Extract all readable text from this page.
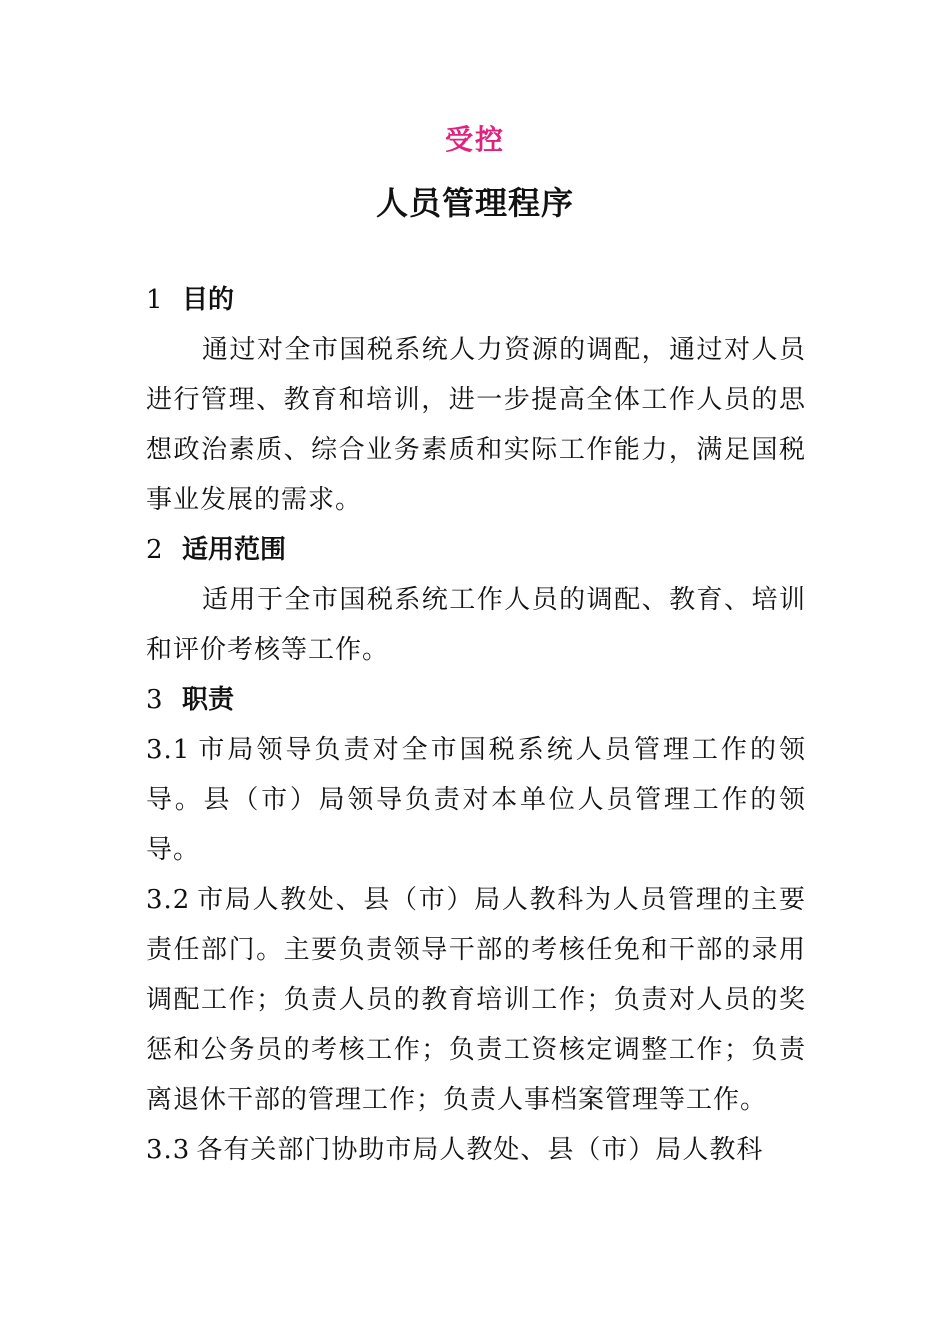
受控
人员管理程序
1 目的
通过对全市国税系统人力资源的调配，通过对人员进行管理、教育和培训，进一步提高全体工作人员的思想政治素质、综合业务素质和实际工作能力，满足国税事业发展的需求。
2 适用范围
适用于全市国税系统工作人员的调配、教育、培训和评价考核等工作。
3 职责
3.1 市局领导负责对全市国税系统人员管理工作的领导。县（市）局领导负责对本单位人员管理工作的领导。
3.2 市局人教处、县（市）局人教科为人员管理的主要责任部门。主要负责领导干部的考核任免和干部的录用调配工作；负责人员的教育培训工作；负责对人员的奖惩和公务员的考核工作；负责工资核定调整工作；负责离退休干部的管理工作；负责人事档案管理等工作。
3.3 各有关部门协助市局人教处、县（市）局人教科
